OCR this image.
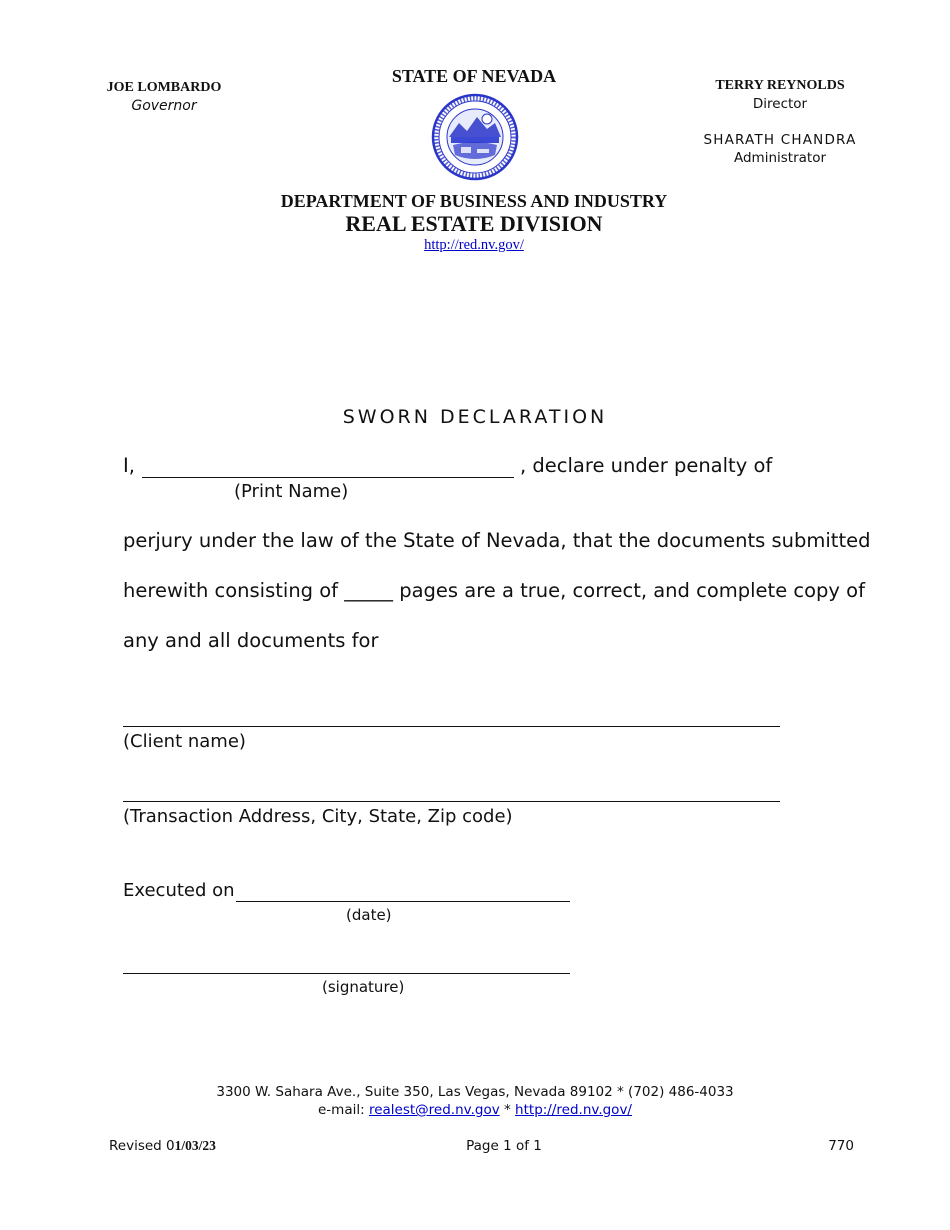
JOE LOMBARDO
Governor
STATE OF NEVADA	TERRY REYNOLDS
Director
SHARATH CHANDRA
Administrator
DEPARTMENT OF BUSINESS AND INDUSTRY
REAL ESTATE DIVISION
http://red.nv.gov/
SWORN DECLARATION
I,	, declare under penalty of
(Print Name)
perjury under the law of the State of Nevada, that the documents submitted
herewith consisting of _____ pages are a true, correct, and complete copy of
any and all documents for
(Client name)
(Transaction Address, City, State, Zip code)
Executed on
(date)
(signature)
3300 W. Sahara Ave., Suite 350, Las Vegas, Nevada 89102 * (702) 486-4033
e-mail: realest@red.nv.gov * http://red.nv.gov/
Revised 01/03/23	Page 1 of 1	770
